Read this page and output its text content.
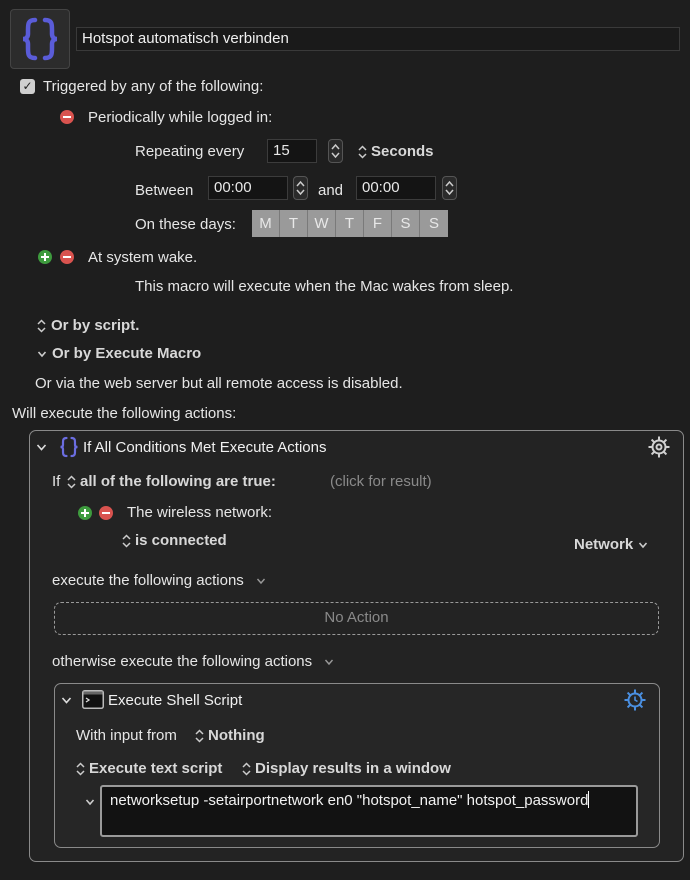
Hotspot automatisch verbinden
✓ Triggered by any of the following:
Periodically while logged in:
Repeating every	15	Seconds
Between	00:00	and	00:00
On these days:	M	T	W	T	F	S	S
At system wake.
This macro will execute when the Mac wakes from sleep.
Or by script.
Or by Execute Macro
Or via the web server but all remote access is disabled.
Will execute the following actions:
If All Conditions Met Execute Actions
If all of the following are true:	(click for result)
The wireless network:
is connected	Network
execute the following actions
No Action
otherwise execute the following actions
Execute Shell Script
With input from Nothing
Execute text script Display results in a window
networksetup -setairportnetwork en0 "hotspot_name" hotspot_password
